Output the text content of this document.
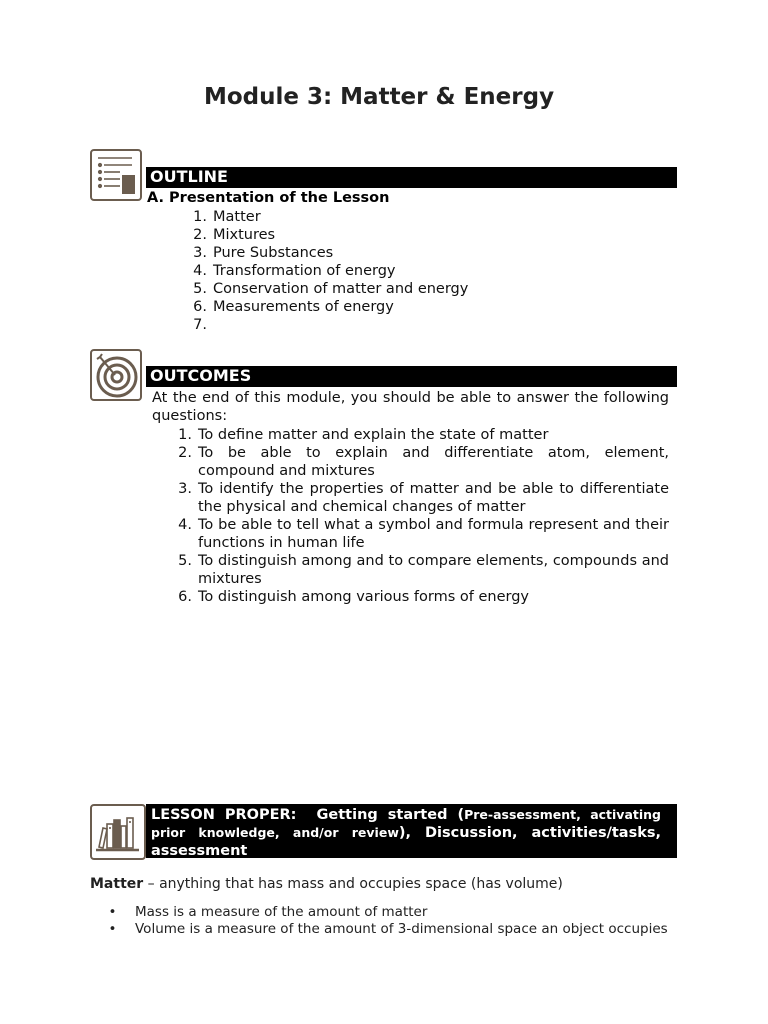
Module 3: Matter & Energy
OUTLINE
A. Presentation of the Lesson
1. Matter
2. Mixtures
3. Pure Substances
4. Transformation of energy
5. Conservation of matter and energy
6. Measurements of energy
7.
OUTCOMES
At the end of this module, you should be able to answer the following questions:
1. To define matter and explain the state of matter
2. To be able to explain and differentiate atom, element, compound and mixtures
3. To identify the properties of matter and be able to differentiate the physical and chemical changes of matter
4. To be able to tell what a symbol and formula represent and their functions in human life
5. To distinguish among and to compare elements, compounds and mixtures
6. To distinguish among various forms of energy
LESSON PROPER: Getting started (Pre-assessment, activating prior knowledge, and/or review), Discussion, activities/tasks, assessment
Matter – anything that has mass and occupies space (has volume)
•	Mass is a measure of the amount of matter
•	Volume is a measure of the amount of 3-dimensional space an object occupies
